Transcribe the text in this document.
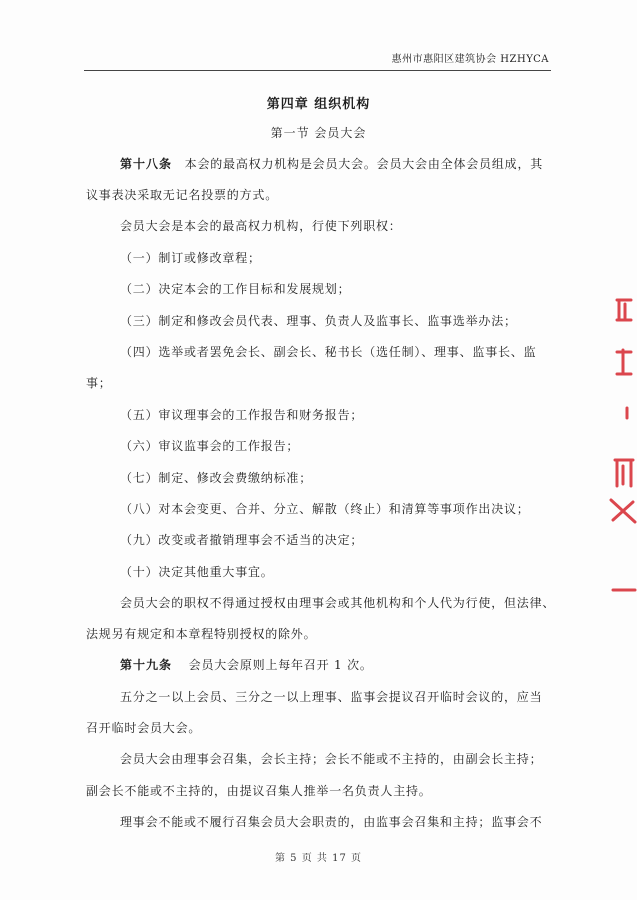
惠州市惠阳区建筑协会 HZHYCA
第四章 组织机构
第一节 会员大会
第十八条 本会的最高权力机构是会员大会。会员大会由全体会员组成，其
议事表决采取无记名投票的方式。
会员大会是本会的最高权力机构，行使下列职权：
（一）制订或修改章程；
（二）决定本会的工作目标和发展规划；
（三）制定和修改会员代表、理事、负责人及监事长、监事选举办法；
（四）选举或者罢免会长、副会长、秘书长（选任制）、理事、监事长、监
事；
（五）审议理事会的工作报告和财务报告；
（六）审议监事会的工作报告；
（七）制定、修改会费缴纳标准；
（八）对本会变更、合并、分立、解散（终止）和清算等事项作出决议；
（九）改变或者撤销理事会不适当的决定；
（十）决定其他重大事宜。
会员大会的职权不得通过授权由理事会或其他机构和个人代为行使，但法律、
法规另有规定和本章程特别授权的除外。
第十九条 会员大会原则上每年召开 1 次。
五分之一以上会员、三分之一以上理事、监事会提议召开临时会议的，应当
召开临时会员大会。
会员大会由理事会召集，会长主持；会长不能或不主持的，由副会长主持；
副会长不能或不主持的，由提议召集人推举一名负责人主持。
理事会不能或不履行召集会员大会职责的，由监事会召集和主持；监事会不
第 5 页 共 17 页
